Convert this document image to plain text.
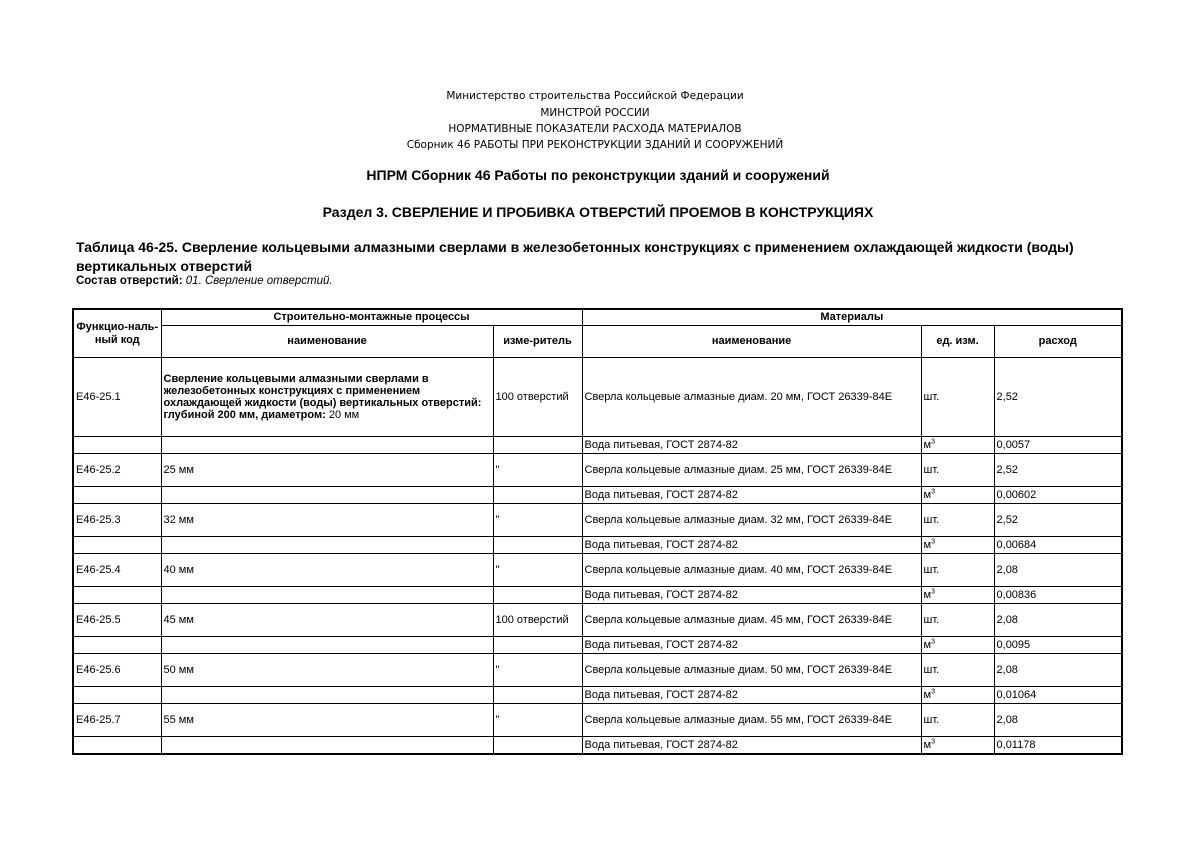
Министерство строительства Российской Федерации
МИНСТРОЙ РОССИИ
НОРМАТИВНЫЕ ПОКАЗАТЕЛИ РАСХОДА МАТЕРИАЛОВ
Сборник 46 РАБОТЫ ПРИ РЕКОНСТРУКЦИИ ЗДАНИЙ И СООРУЖЕНИЙ
НПРМ Сборник 46 Работы по реконструкции зданий и сооружений
Раздел 3. СВЕРЛЕНИЕ И ПРОБИВКА ОТВЕРСТИЙ ПРОЕМОВ В КОНСТРУКЦИЯХ
Таблица 46-25. Сверление кольцевыми алмазными сверлами в железобетонных конструкциях с применением охлаждающей жидкости (воды)
вертикальных отверстий
Состав отверстий: 01. Сверление отверстий.
Функцио-наль-ный код	Строительно-монтажные процессы		Материалы		
	наименование	изме-ритель	наименование	ед. изм.	расход
Е46-25.1	Сверление кольцевыми алмазными сверлами в железобетонных конструкциях с применением охлаждающей жидкости (воды) вертикальных отверстий: глубиной 200 мм, диаметром: 20 мм	100 отверстий	Сверла кольцевые алмазные диам. 20 мм, ГОСТ 26339-84Е	шт.	2,52
			Вода питьевая, ГОСТ 2874-82	$м^3$	0,0057
Е46-25.2	25 мм	"	Сверла кольцевые алмазные диам. 25 мм, ГОСТ 26339-84Е	шт.	2,52
			Вода питьевая, ГОСТ 2874-82	$м^3$	0,00602
Е46-25.3	32 мм	"	Сверла кольцевые алмазные диам. 32 мм, ГОСТ 26339-84Е	шт.	2,52
			Вода питьевая, ГОСТ 2874-82	$м^3$	0,00684
Е46-25.4	40 мм	"	Сверла кольцевые алмазные диам. 40 мм, ГОСТ 26339-84Е	шт.	2,08
			Вода питьевая, ГОСТ 2874-82	$м^3$	0,00836
Е46-25.5	45 мм	100 отверстий	Сверла кольцевые алмазные диам. 45 мм, ГОСТ 26339-84Е	шт.	2,08
			Вода питьевая, ГОСТ 2874-82	$м^3$	0,0095
Е46-25.6	50 мм	"	Сверла кольцевые алмазные диам. 50 мм, ГОСТ 26339-84Е	шт.	2,08
			Вода питьевая, ГОСТ 2874-82	$м^3$	0,01064
Е46-25.7	55 мм	"	Сверла кольцевые алмазные диам. 55 мм, ГОСТ 26339-84Е	шт.	2,08
			Вода питьевая, ГОСТ 2874-82	$м^3$	0,01178
